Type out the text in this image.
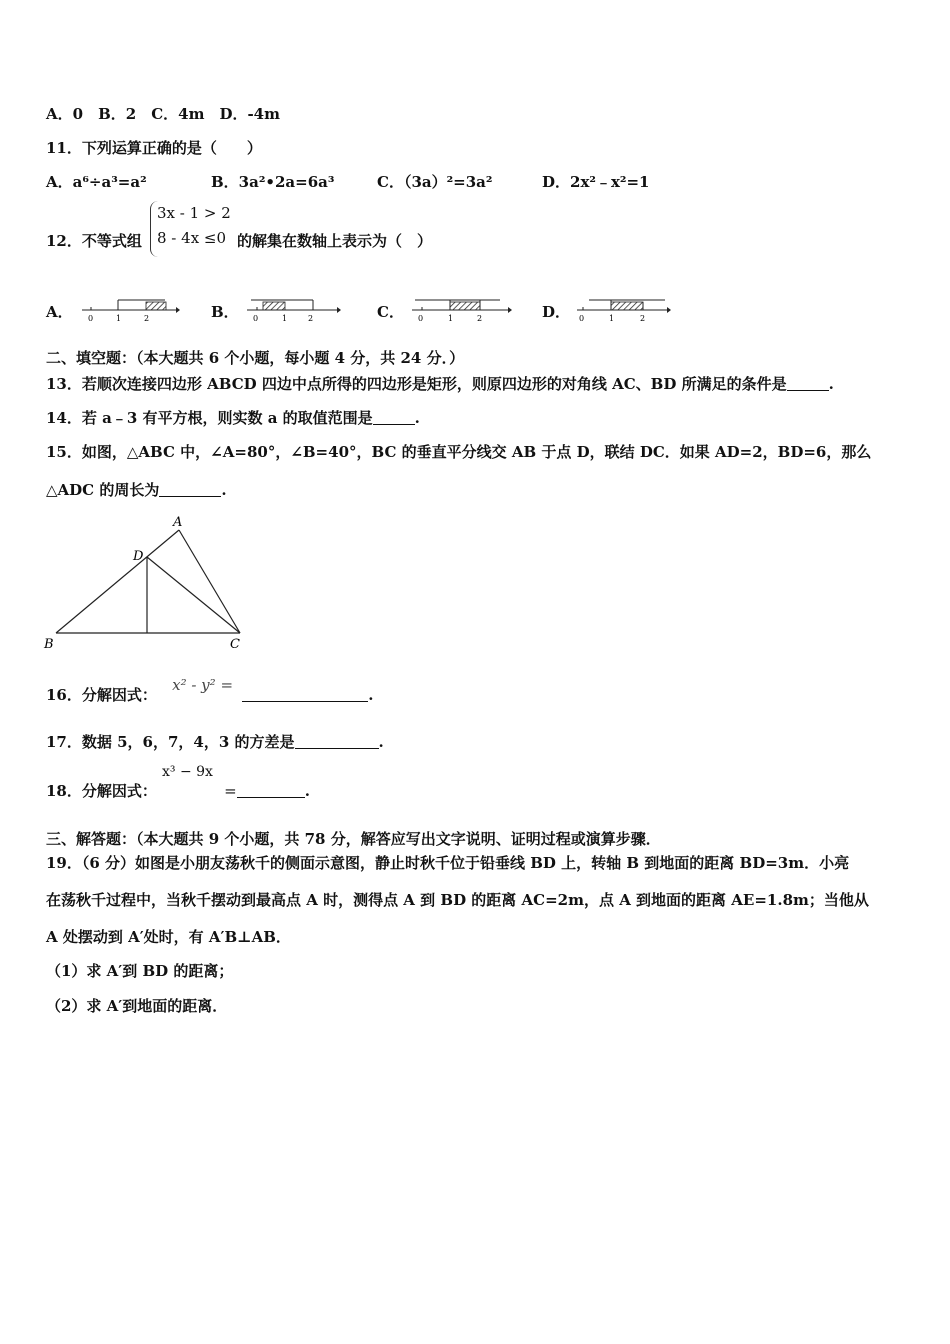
A．0　B．2　C．4m　D．-4m
11．下列运算正确的是（　　）
A．a⁶÷a³=a²	B．3a²•2a=6a³	C．（3a）²=3a²	D．2x²﹣x²=1
12．不等式组
3x - 1 > 2
8 - 4x ≤0 的解集在数轴上表示为（　）
A． 0	1	2	B． 0	1	2	C． 0	1	2	D． 0	1	2
二、填空题：（本大题共 6 个小题，每小题 4 分，共 24 分．）
13．若顺次连接四边形 ABCD 四边中点所得的四边形是矩形，则原四边形的对角线 AC、BD 所满足的条件是	.
14．若 a﹣3 有平方根，则实数 a 的取值范围是	.
15．如图，△ABC 中，∠A=80°，∠B=40°，BC 的垂直平分线交 AB 于点 D，联结 DC．如果 AD=2，BD=6，那么
△ADC 的周长为	.
A
D
B	C
16．分解因式： x² - y² = .
17．数据 5，6，7，4，3 的方差是	.
18．分解因式：
x³ − 9x
=	.
三、解答题：（本大题共 9 个小题，共 78 分，解答应写出文字说明、证明过程或演算步骤．
19．（6 分）如图是小朋友荡秋千的侧面示意图，静止时秋千位于铅垂线 BD 上，转轴 B 到地面的距离 BD=3m．小亮
在荡秋千过程中，当秋千摆动到最高点 A 时，测得点 A 到 BD 的距离 AC=2m，点 A 到地面的距离 AE=1.8m；当他从
A 处摆动到 A′处时，有 A′B⊥AB．
（1）求 A′到 BD 的距离；
（2）求 A′到地面的距离．
